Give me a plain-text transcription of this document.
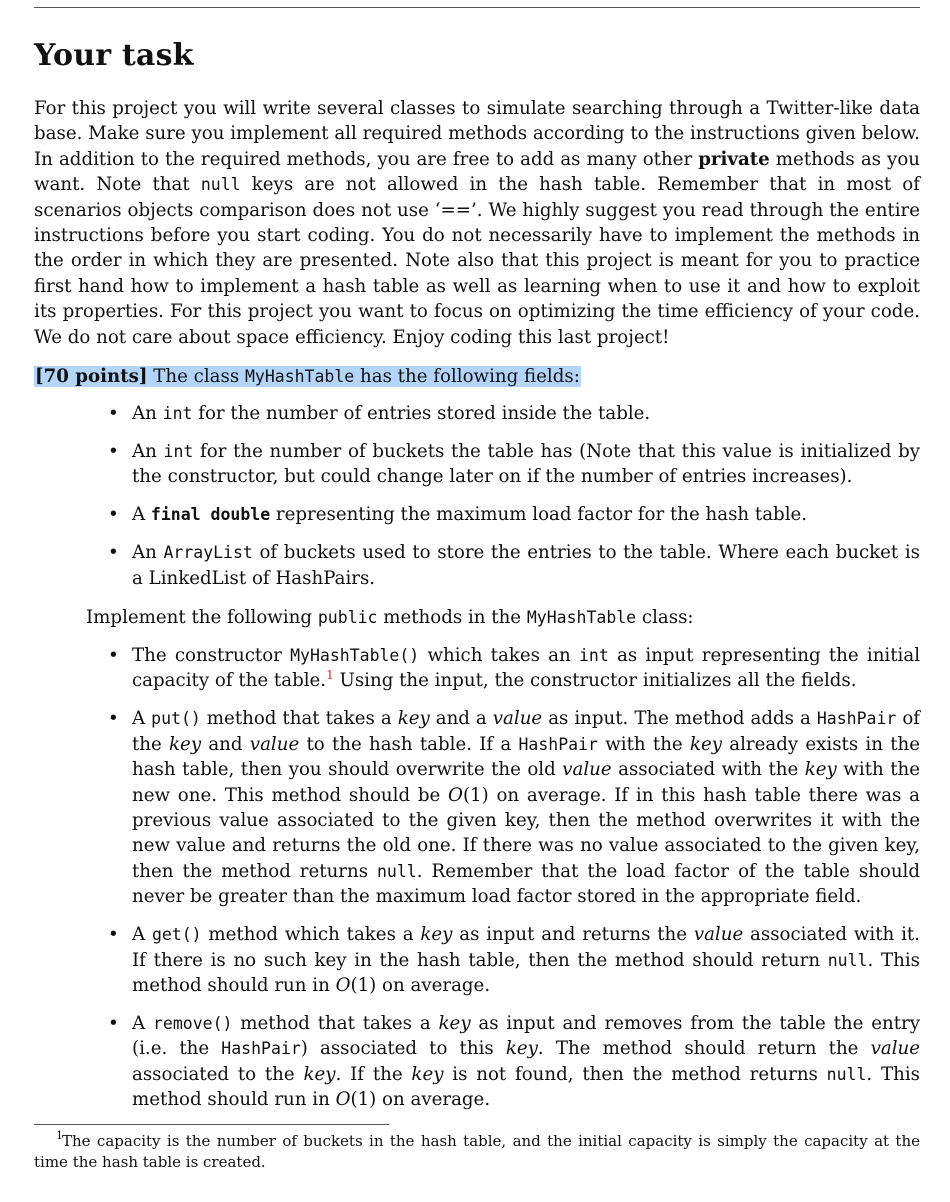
Your task

For this project you will write several classes to simulate searching through a Twitter-like data base. Make sure you implement all required methods according to the instructions given below. In addition to the required methods, you are free to add as many other private methods as you want. Note that null keys are not allowed in the hash table. Remember that in most of scenarios objects comparison does not use ‘==’. We highly suggest you read through the entire instructions before you start coding. You do not necessarily have to implement the methods in the order in which they are presented. Note also that this project is meant for you to practice first hand how to implement a hash table as well as learning when to use it and how to exploit its properties. For this project you want to focus on optimizing the time efficiency of your code. We do not care about space efficiency. Enjoy coding this last project!

[70 points] The class MyHashTable has the following fields:
• An int for the number of entries stored inside the table.
• An int for the number of buckets the table has (Note that this value is initialized by the constructor, but could change later on if the number of entries increases).
• A final double representing the maximum load factor for the hash table.
• An ArrayList of buckets used to store the entries to the table. Where each bucket is a LinkedList of HashPairs.
Implement the following public methods in the MyHashTable class:
• The constructor MyHashTable() which takes an int as input representing the initial capacity of the table.$^1$ Using the input, the constructor initializes all the fields.
• A put() method that takes a key and a value as input. The method adds a HashPair of the key and value to the hash table. If a HashPair with the key already exists in the hash table, then you should overwrite the old value associated with the key with the new one. This method should be O(1) on average. If in this hash table there was a previous value associated to the given key, then the method overwrites it with the new value and returns the old one. If there was no value associated to the given key, then the method returns null. Remember that the load factor of the table should never be greater than the maximum load factor stored in the appropriate field.
• A get() method which takes a key as input and returns the value associated with it. If there is no such key in the hash table, then the method should return null. This method should run in O(1) on average.
• A remove() method that takes a key as input and removes from the table the entry (i.e. the HashPair) associated to this key. The method should return the value associated to the key. If the key is not found, then the method returns null. This method should run in O(1) on average.
1 The capacity is the number of buckets in the hash table, and the initial capacity is simply the capacity at the time the hash table is created.
